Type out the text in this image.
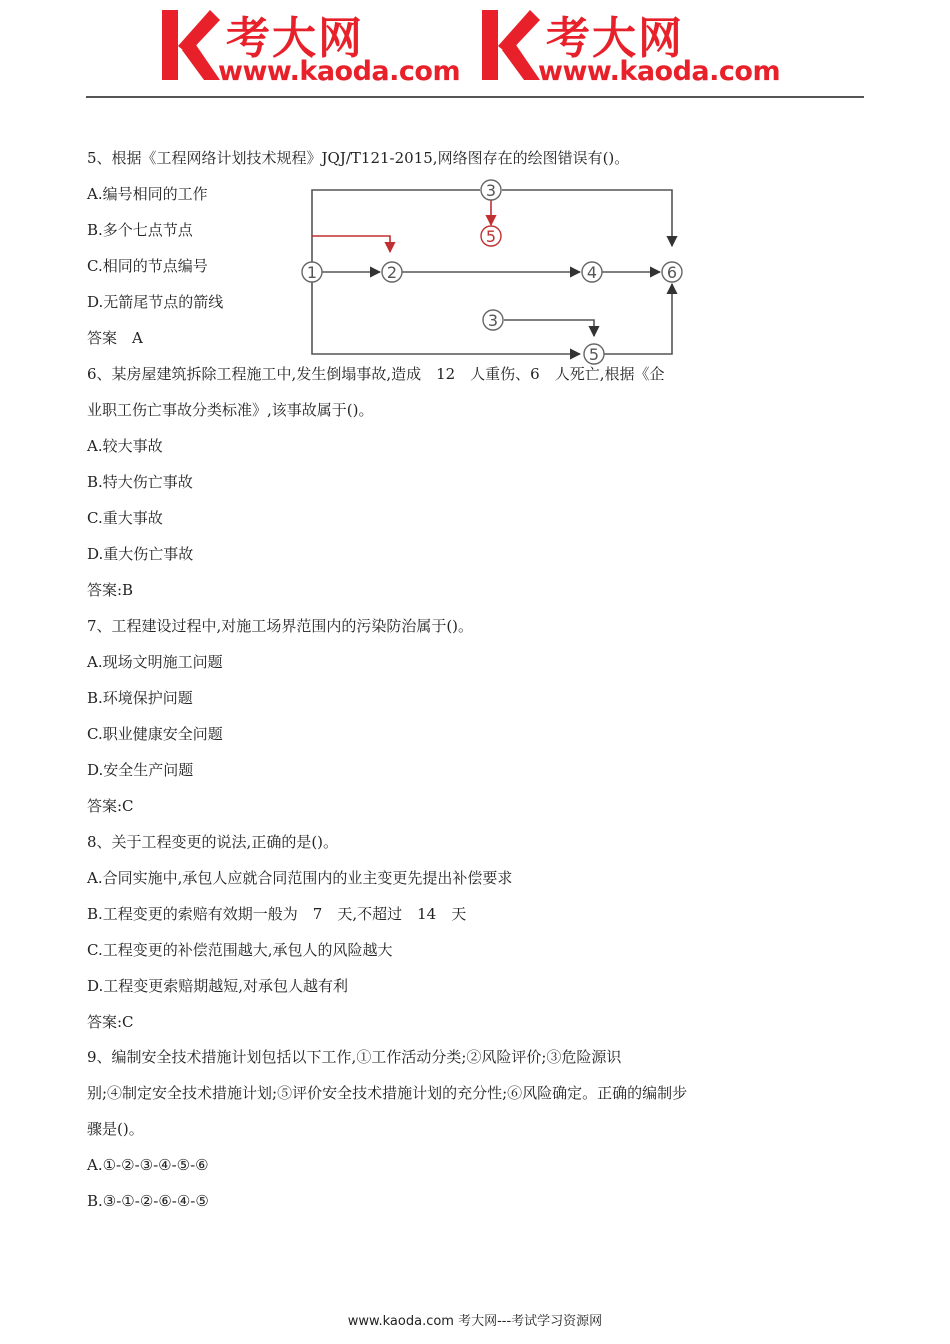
考大网
www.kaoda.com
考大网
www.kaoda.com
5、根据《工程网络计划技术规程》JQJ/T121-2015,网络图存在的绘图错误有()。
A.编号相同的工作
B.多个七点节点
C.相同的节点编号
D.无箭尾节点的箭线
答案　A
1	2
3
5
4	6
3
5
6、某房屋建筑拆除工程施工中,发生倒塌事故,造成　12　人重伤、6　人死亡,根据《企
业职工伤亡事故分类标准》,该事故属于()。
A.较大事故
B.特大伤亡事故
C.重大事故
D.重大伤亡事故
答案:B
7、工程建设过程中,对施工场界范围内的污染防治属于()。
A.现场文明施工问题
B.环境保护问题
C.职业健康安全问题
D.安全生产问题
答案:C
8、关于工程变更的说法,正确的是()。
A.合同实施中,承包人应就合同范围内的业主变更先提出补偿要求
B.工程变更的索赔有效期一般为　7　天,不超过　14　天
C.工程变更的补偿范围越大,承包人的风险越大
D.工程变更索赔期越短,对承包人越有利
答案:C
9、编制安全技术措施计划包括以下工作,①工作活动分类;②风险评价;③危险源识
别;④制定安全技术措施计划;⑤评价安全技术措施计划的充分性;⑥风险确定。正确的编制步
骤是()。
A.①-②-③-④-⑤-⑥
B.③-①-②-⑥-④-⑤
www.kaoda.com 考大网---考试学习资源网
